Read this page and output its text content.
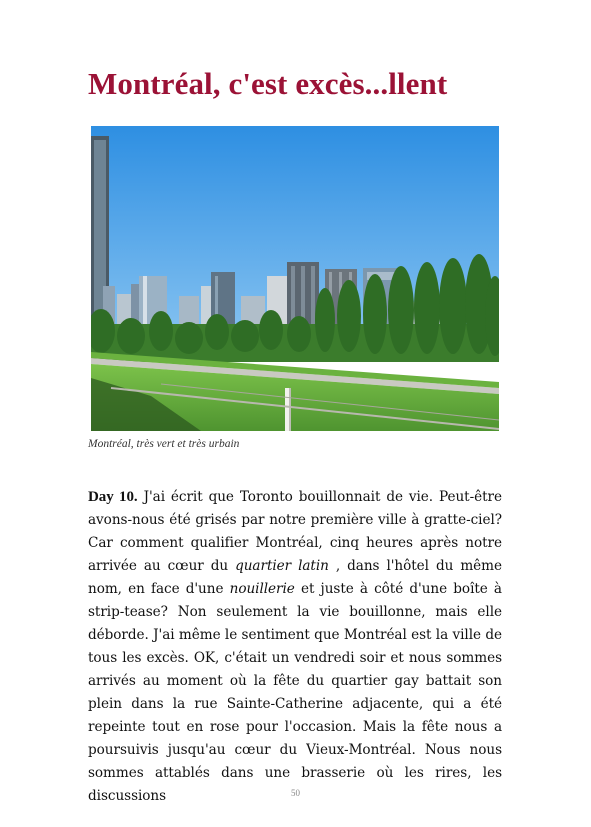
Montréal, c'est excès...llent
Montréal, très vert et très urbain

Day 10. J'ai écrit que Toronto bouillonnait de vie. Peut-être avons-nous été grisés par notre première ville à gratte-ciel? Car comment qualifier Montréal, cinq heures après notre arrivée au cœur du quartier latin , dans l'hôtel du même nom, en face d'une nouillerie et juste à côté d'une boîte à strip-tease? Non seulement la vie bouillonne, mais elle déborde. J'ai même le sentiment que Montréal est la ville de tous les excès. OK, c'était un vendredi soir et nous sommes arrivés au moment où la fête du quartier gay battait son plein dans la rue Sainte-Catherine adjacente, qui a été repeinte tout en rose pour l'occasion. Mais la fête nous a poursuivis jusqu'au cœur du Vieux-Montréal. Nous nous sommes attablés dans une brasserie où les rires, les discussions	50
